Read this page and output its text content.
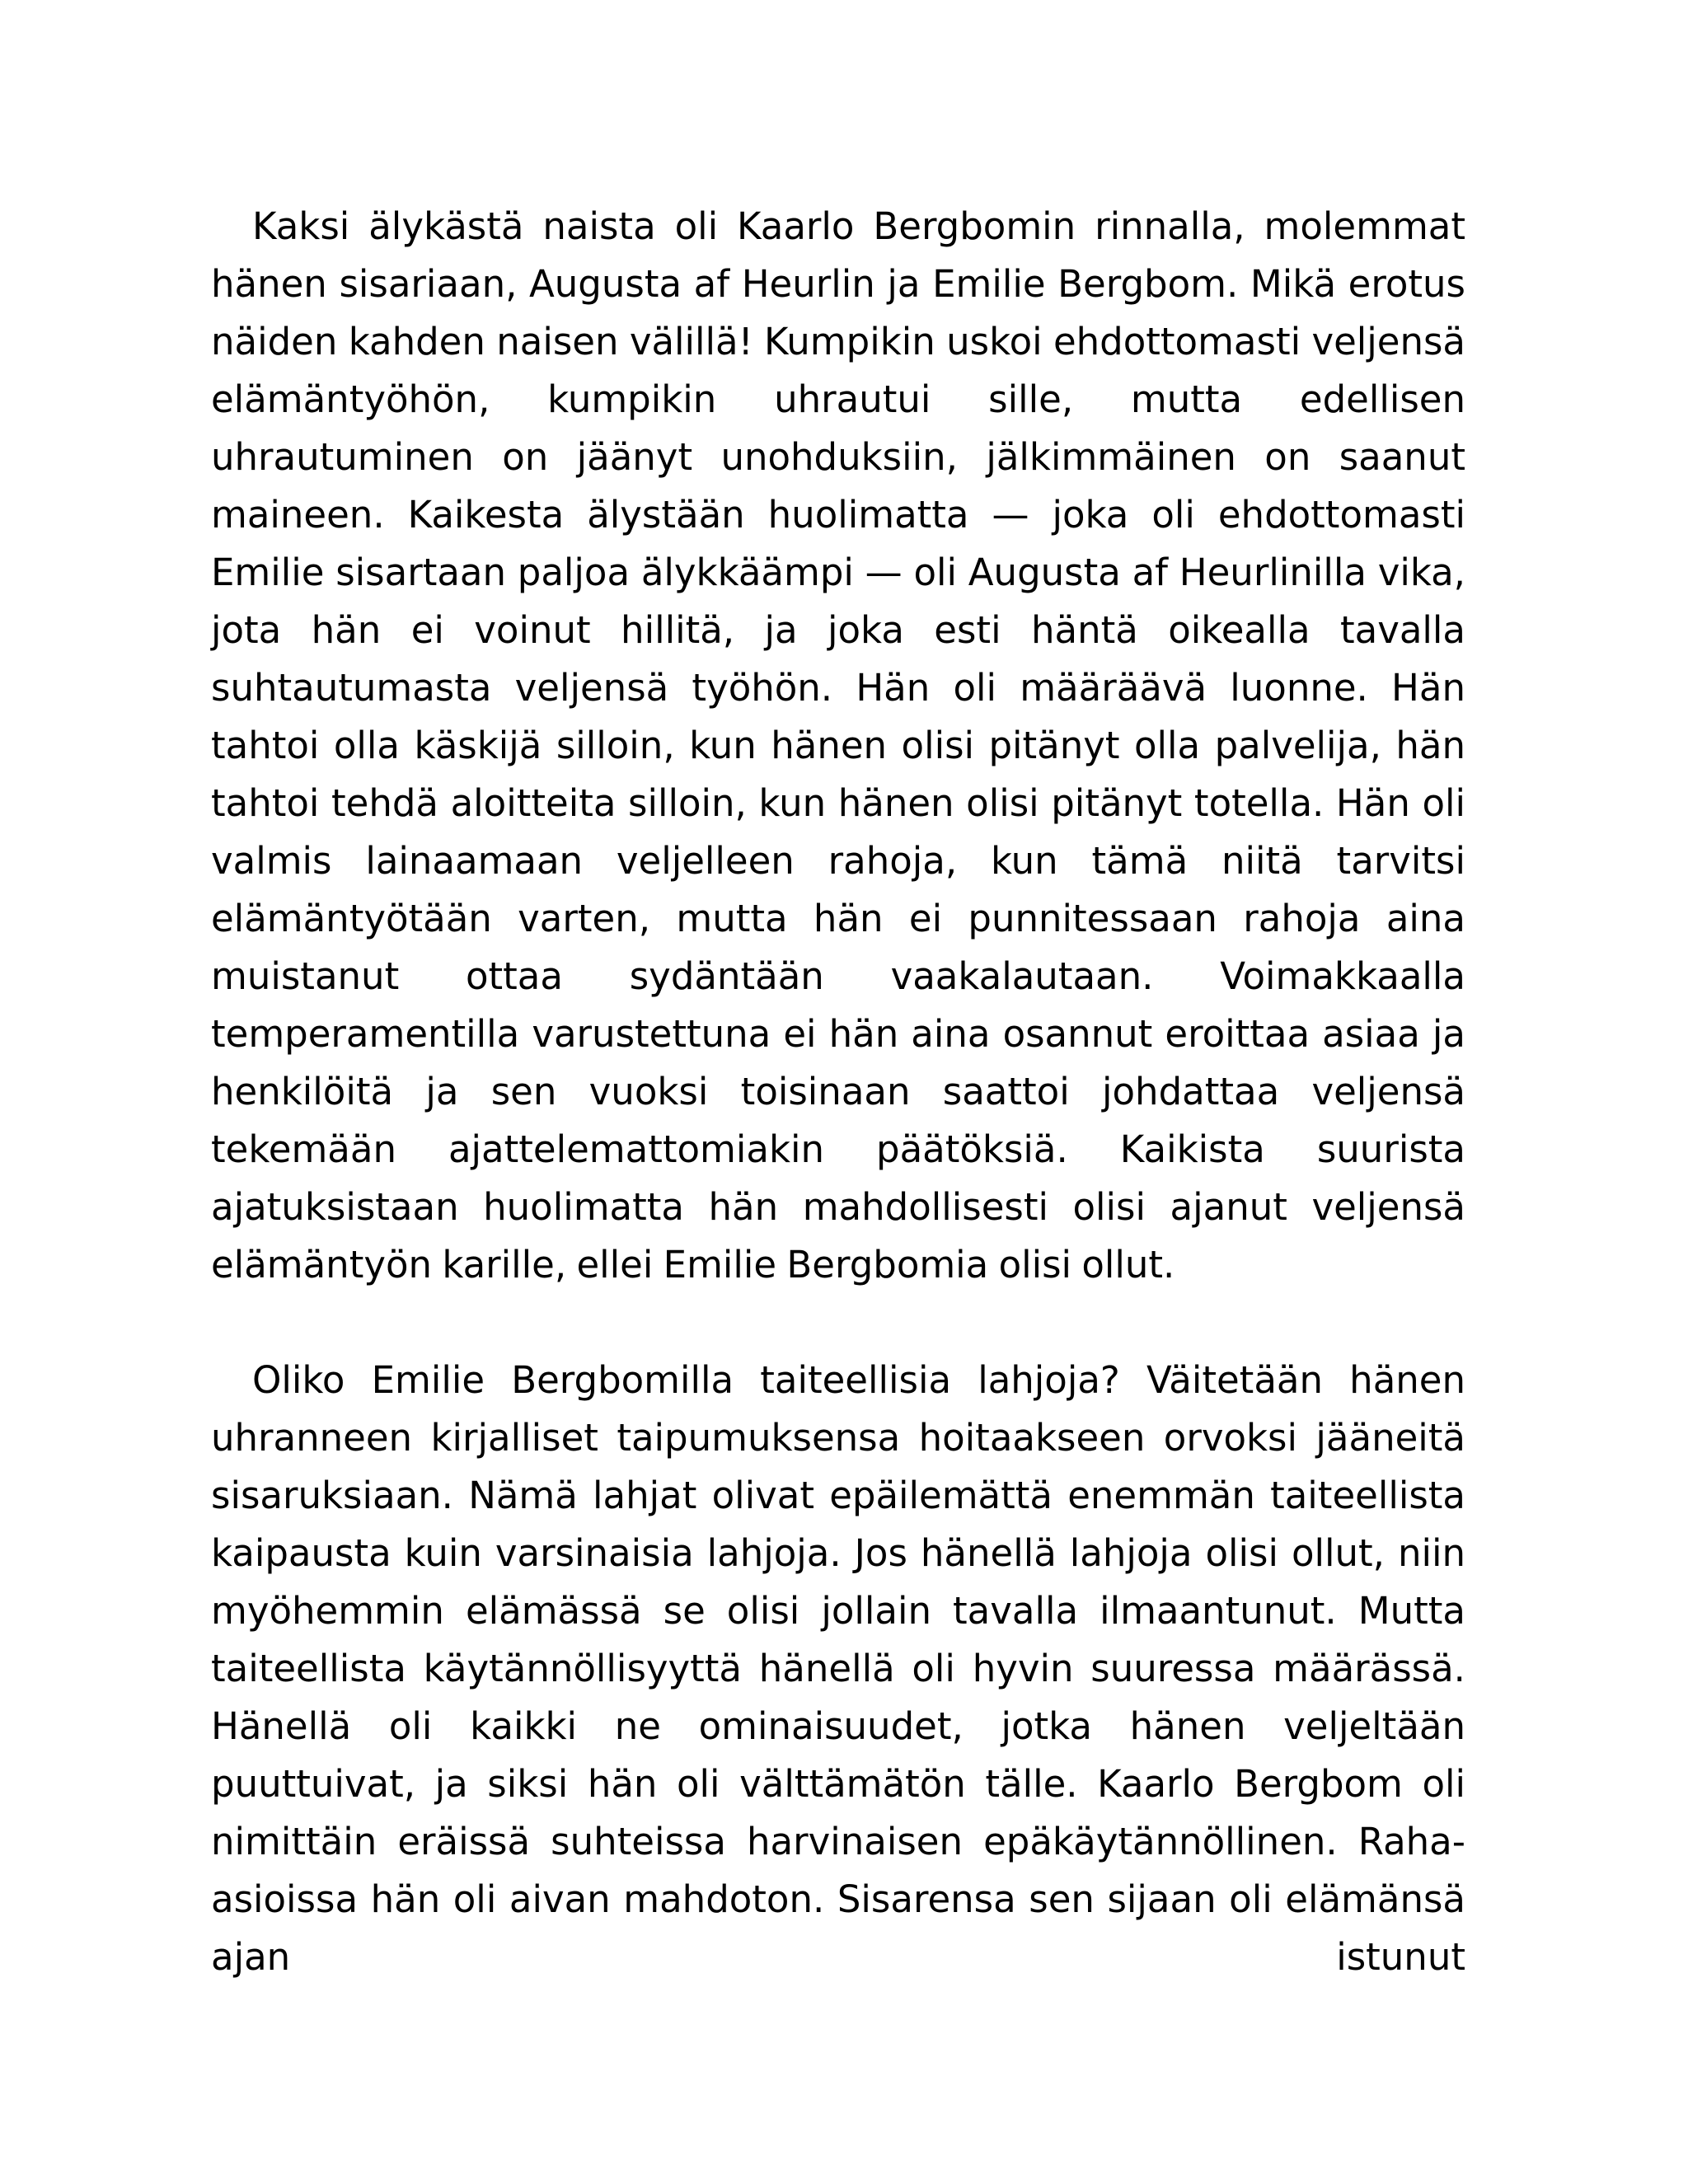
Kaksi älykästä naista oli Kaarlo Bergbomin rinnalla, molemmat hänen sisariaan, Augusta af Heurlin ja Emilie Bergbom. Mikä erotus näiden kahden naisen välillä! Kumpikin uskoi ehdottomasti veljensä elämäntyöhön, kumpikin uhrautui sille, mutta edellisen uhrautuminen on jäänyt unohduksiin, jälkimmäinen on saanut maineen. Kaikesta älystään huolimatta — joka oli ehdottomasti Emilie sisartaan paljoa älykkäämpi — oli Augusta af Heurlinilla vika, jota hän ei voinut hillitä, ja joka esti häntä oikealla tavalla suhtautumasta veljensä työhön. Hän oli määräävä luonne. Hän tahtoi olla käskijä silloin, kun hänen olisi pitänyt olla palvelija, hän tahtoi tehdä aloitteita silloin, kun hänen olisi pitänyt totella. Hän oli valmis lainaamaan veljelleen rahoja, kun tämä niitä tarvitsi elämäntyötään varten, mutta hän ei punnitessaan rahoja aina muistanut ottaa sydäntään vaakalautaan. Voimakkaalla temperamentilla varustettuna ei hän aina osannut eroittaa asiaa ja henkilöitä ja sen vuoksi toisinaan saattoi johdattaa veljensä tekemään ajattelemattomiakin päätöksiä. Kaikista suurista ajatuksistaan huolimatta hän mahdollisesti olisi ajanut veljensä elämäntyön karille, ellei Emilie Bergbomia olisi ollut.

Oliko Emilie Bergbomilla taiteellisia lahjoja? Väitetään hänen uhranneen kirjalliset taipumuksensa hoitaakseen orvoksi jääneitä sisaruksiaan. Nämä lahjat olivat epäilemättä enemmän taiteellista kaipausta kuin varsinaisia lahjoja. Jos hänellä lahjoja olisi ollut, niin myöhemmin elämässä se olisi jollain tavalla ilmaantunut. Mutta taiteellista käytännöllisyyttä hänellä oli hyvin suuressa määrässä. Hänellä oli kaikki ne ominaisuudet, jotka hänen veljeltään puuttuivat, ja siksi hän oli välttämätön tälle. Kaarlo Bergbom oli nimittäin eräissä suhteissa harvinaisen epäkäytännöllinen. Raha-asioissa hän oli aivan mahdoton. Sisarensa sen sijaan oli elämänsä ajan istunut
